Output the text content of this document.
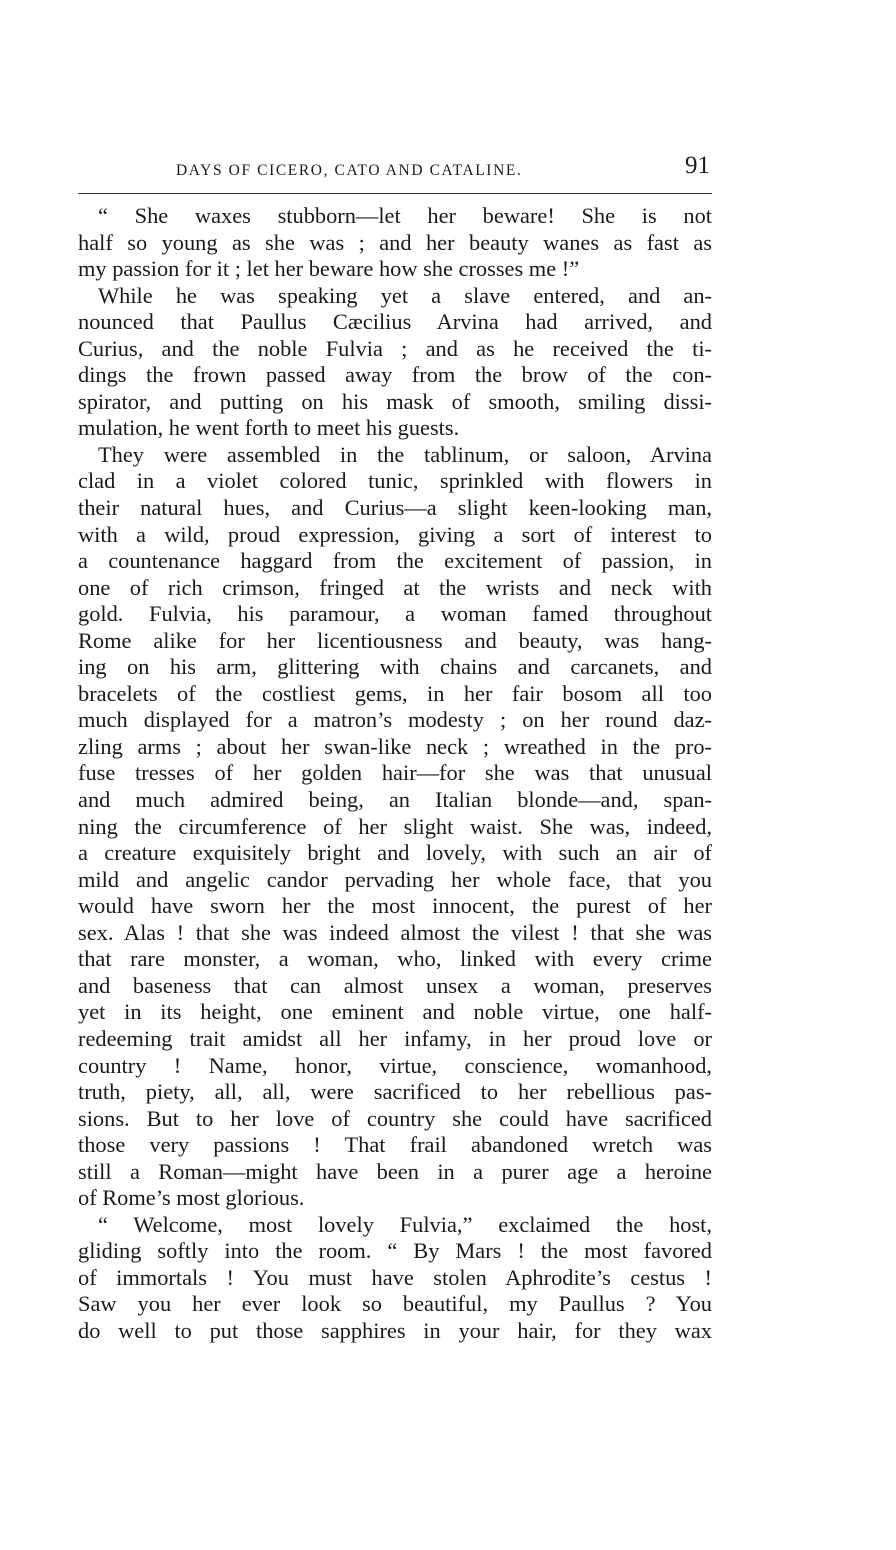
DAYS OF CICERO, CATO AND CATALINE.	91
“ She waxes stubborn—let her beware! She is not
half so young as she was ; and her beauty wanes as fast as
my passion for it ; let her beware how she crosses me !”
While he was speaking yet a slave entered, and an-
nounced that Paullus Cæcilius Arvina had arrived, and
Curius, and the noble Fulvia ; and as he received the ti-
dings the frown passed away from the brow of the con-
spirator, and putting on his mask of smooth, smiling dissi-
mulation, he went forth to meet his guests.
They were assembled in the tablinum, or saloon, Arvina
clad in a violet colored tunic, sprinkled with flowers in
their natural hues, and Curius—a slight keen-looking man,
with a wild, proud expression, giving a sort of interest to
a countenance haggard from the excitement of passion, in
one of rich crimson, fringed at the wrists and neck with
gold. Fulvia, his paramour, a woman famed throughout
Rome alike for her licentiousness and beauty, was hang-
ing on his arm, glittering with chains and carcanets, and
bracelets of the costliest gems, in her fair bosom all too
much displayed for a matron’s modesty ; on her round daz-
zling arms ; about her swan-like neck ; wreathed in the pro-
fuse tresses of her golden hair—for she was that unusual
and much admired being, an Italian blonde—and, span-
ning the circumference of her slight waist. She was, indeed,
a creature exquisitely bright and lovely, with such an air of
mild and angelic candor pervading her whole face, that you
would have sworn her the most innocent, the purest of her
sex. Alas ! that she was indeed almost the vilest ! that she was
that rare monster, a woman, who, linked with every crime
and baseness that can almost unsex a woman, preserves
yet in its height, one eminent and noble virtue, one half-
redeeming trait amidst all her infamy, in her proud love or
country ! Name, honor, virtue, conscience, womanhood,
truth, piety, all, all, were sacrificed to her rebellious pas-
sions. But to her love of country she could have sacrificed
those very passions ! That frail abandoned wretch was
still a Roman—might have been in a purer age a heroine
of Rome’s most glorious.
“ Welcome, most lovely Fulvia,” exclaimed the host,
gliding softly into the room. “ By Mars ! the most favored
of immortals ! You must have stolen Aphrodite’s cestus !
Saw you her ever look so beautiful, my Paullus ? You
do well to put those sapphires in your hair, for they wax
